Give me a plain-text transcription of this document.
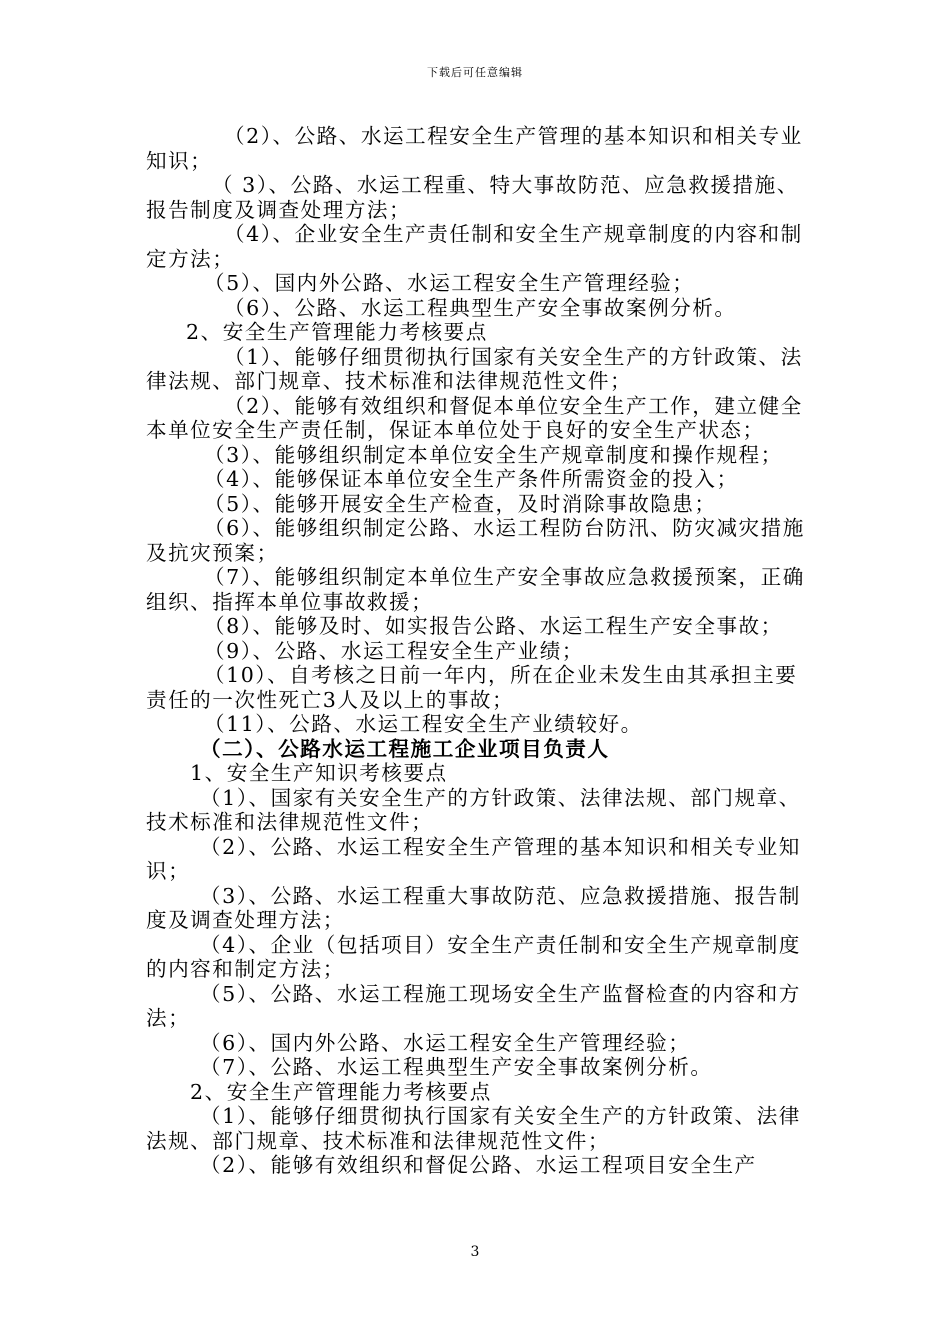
下载后可任意编辑

（2）、公路、水运工程安全生产管理的基本知识和相关专业知识；

（ 3）、公路、水运工程重、特大事故防范、应急救援措施、报告制度及调查处理方法；

（4）、企业安全生产责任制和安全生产规章制度的内容和制定方法；

（5）、国内外公路、水运工程安全生产管理经验；

（6）、公路、水运工程典型生产安全事故案例分析。

2、安全生产管理能力考核要点

（1）、能够仔细贯彻执行国家有关安全生产的方针政策、法律法规、部门规章、技术标准和法律规范性文件；

（2）、能够有效组织和督促本单位安全生产工作，建立健全本单位安全生产责任制，保证本单位处于良好的安全生产状态；

（3）、能够组织制定本单位安全生产规章制度和操作规程；

（4）、能够保证本单位安全生产条件所需资金的投入；

（5）、能够开展安全生产检查，及时消除事故隐患；

（6）、能够组织制定公路、水运工程防台防汛、防灾减灾措施及抗灾预案；

（7）、能够组织制定本单位生产安全事故应急救援预案，正确组织、指挥本单位事故救援；

（8）、能够及时、如实报告公路、水运工程生产安全事故；

（9）、公路、水运工程安全生产业绩；

（10）、自考核之日前一年内，所在企业未发生由其承担主要责任的一次性死亡3人及以上的事故；

（11）、公路、水运工程安全生产业绩较好。

（二）、公路水运工程施工企业项目负责人

1、安全生产知识考核要点

（1）、国家有关安全生产的方针政策、法律法规、部门规章、技术标准和法律规范性文件；

（2）、公路、水运工程安全生产管理的基本知识和相关专业知识；

（3）、公路、水运工程重大事故防范、应急救援措施、报告制度及调查处理方法；

（4）、企业（包括项目）安全生产责任制和安全生产规章制度的内容和制定方法；

（5）、公路、水运工程施工现场安全生产监督检查的内容和方法；

（6）、国内外公路、水运工程安全生产管理经验；

（7）、公路、水运工程典型生产安全事故案例分析。

2、安全生产管理能力考核要点

（1）、能够仔细贯彻执行国家有关安全生产的方针政策、法律法规、部门规章、技术标准和法律规范性文件；

（2）、能够有效组织和督促公路、水运工程项目安全生产

3
